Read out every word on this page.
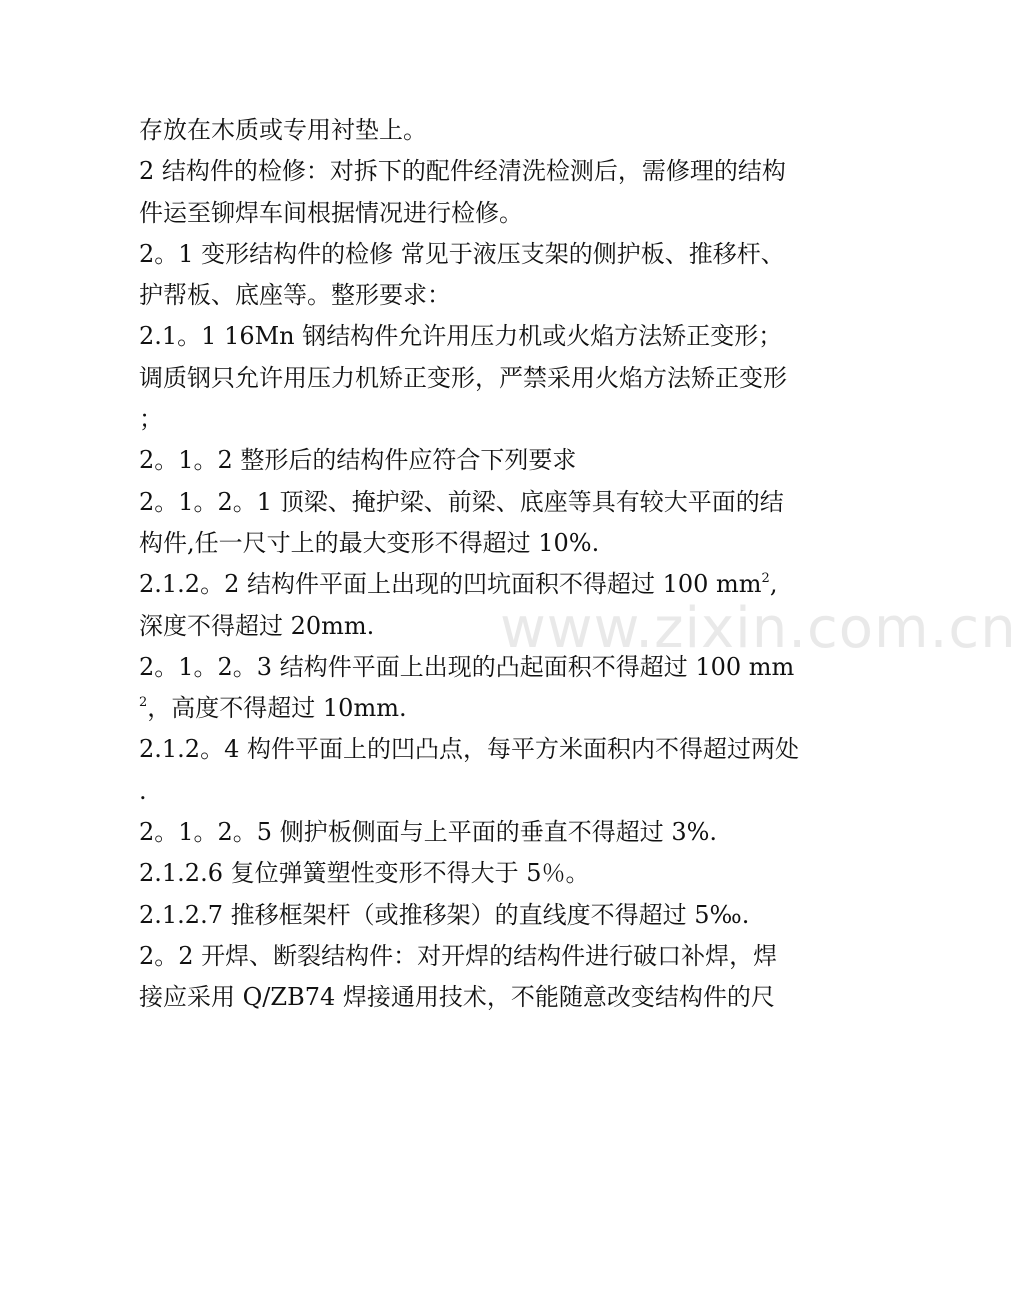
存放在木质或专用衬垫上。

2 结构件的检修：对拆下的配件经清洗检测后，需修理的结构件运至铆焊车间根据情况进行检修。

2。1 变形结构件的检修 常见于液压支架的侧护板、推移杆、护帮板、底座等。整形要求：

2.1。1 16Mn 钢结构件允许用压力机或火焰方法矫正变形；调质钢只允许用压力机矫正变形，严禁采用火焰方法矫正变形；

2。1。2 整形后的结构件应符合下列要求

2。1。2。1 顶梁、掩护梁、前梁、底座等具有较大平面的结构件,任一尺寸上的最大变形不得超过 10%.

2.1.2。2 结构件平面上出现的凹坑面积不得超过 100 $mm^2$,深度不得超过 20mm.

2。1。2。3 结构件平面上出现的凸起面积不得超过 100 $mm^2$，高度不得超过 10mm.

2.1.2。4 构件平面上的凹凸点，每平方米面积内不得超过两处.

2。1。2。5 侧护板侧面与上平面的垂直不得超过 3%.

2.1.2.6 复位弹簧塑性变形不得大于 5％。

2.1.2.7 推移框架杆（或推移架）的直线度不得超过 5‰.

2。2 开焊、断裂结构件：对开焊的结构件进行破口补焊，焊接应采用 Q/ZB74 焊接通用技术，不能随意改变结构件的尺

www.zixin.com.cn
